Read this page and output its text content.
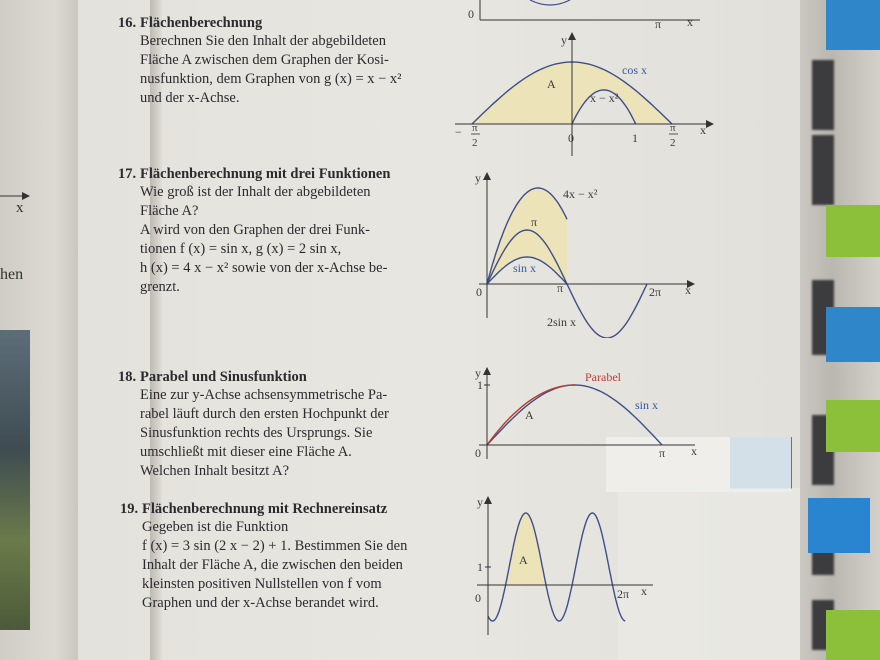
x
hen

16. Flächenberechnung

Berechnen Sie den Inhalt der abgebildeten
Fläche A zwischen dem Graphen der Kosi-
nusfunktion, dem Graphen von g (x) = x − x²
und der x-Achse.

17. Flächenberechnung mit drei Funktionen

Wie groß ist der Inhalt der abgebildeten
Fläche A?
A wird von den Graphen der drei Funk-
tionen f (x) = sin x, g (x) = 2 sin x,
h (x) = 4 x − x² sowie von der x-Achse be-
grenzt.

18. Parabel und Sinusfunktion

Eine zur y-Achse achsensymmetrische Pa-
rabel läuft durch den ersten Hochpunkt der
Sinusfunktion rechts des Ursprungs. Sie
umschließt mit dieser eine Fläche A.
Welchen Inhalt besitzt A?

19. Flächenberechnung mit Rechnereinsatz

Gegeben ist die Funktion
f (x) = 3 sin (2 x − 2) + 1. Bestimmen Sie den
Inhalt der Fläche A, die zwischen den beiden
kleinsten positiven Nullstellen von f vom
Graphen und der x-Achse berandet wird.
0
π x
y
x
A
cos x
x − x²
0	1
− π
2
π
2
y
x
4x − x²
π
sin x
0	π	2π
2sin x
y
1
x
Parabel
sin x
A
0	π
y
1
x
A
0	2π
